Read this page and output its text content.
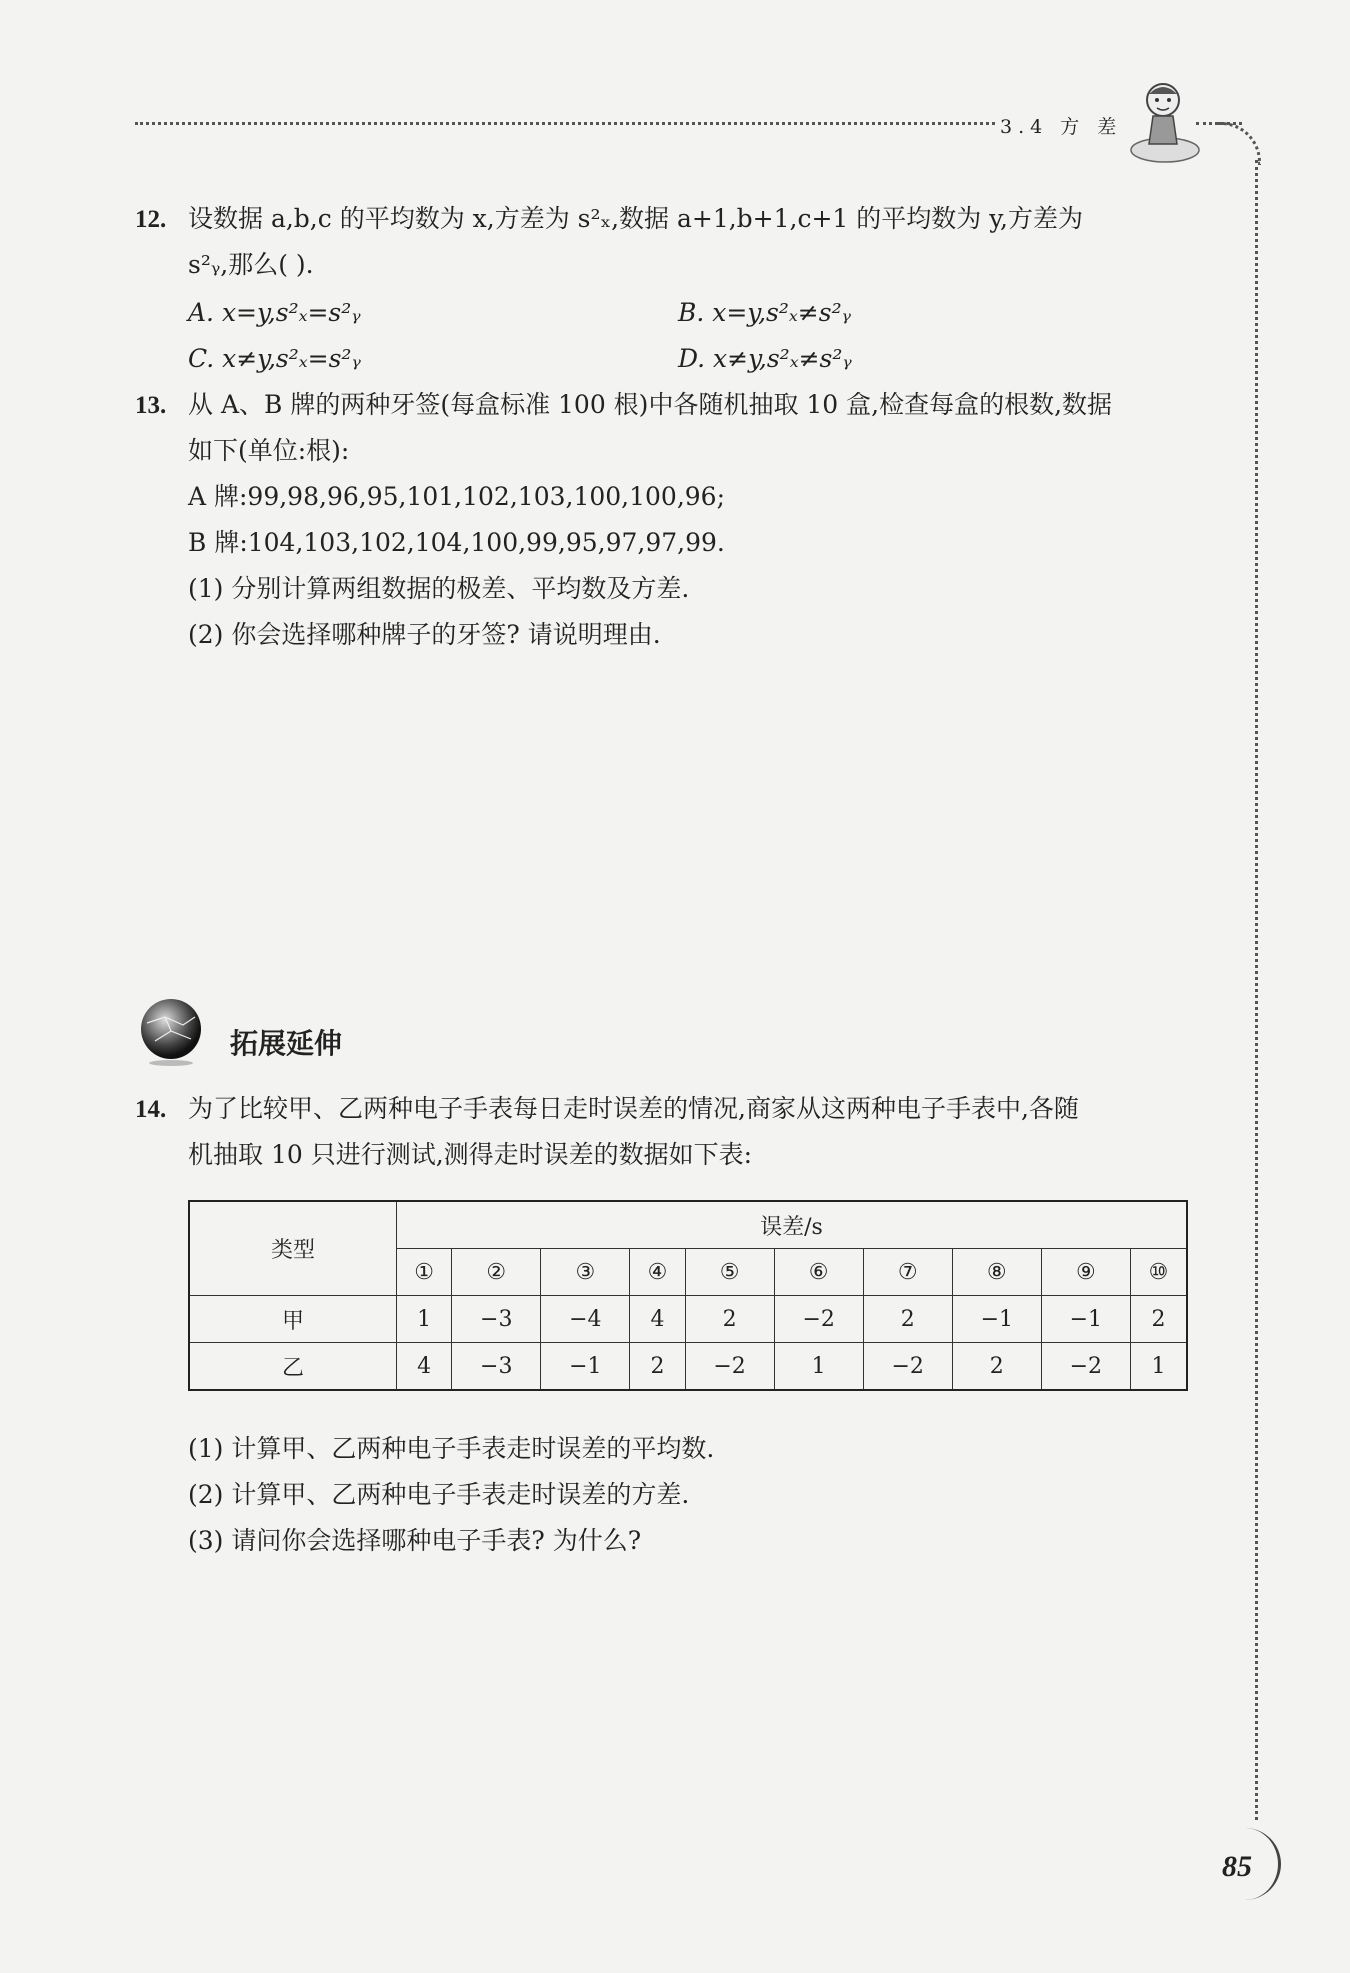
3.4 方 差
12. 设数据 a,b,c 的平均数为 x,方差为 s²ₓ,数据 a+1,b+1,c+1 的平均数为 y,方差为
s²ᵧ,那么( ).
A. x=y,s²ₓ=s²ᵧ	B. x=y,s²ₓ≠s²ᵧ
C. x≠y,s²ₓ=s²ᵧ	D. x≠y,s²ₓ≠s²ᵧ
13. 从 A、B 牌的两种牙签(每盒标准 100 根)中各随机抽取 10 盒,检查每盒的根数,数据
如下(单位:根):
A 牌:99,98,96,95,101,102,103,100,100,96;
B 牌:104,103,102,104,100,99,95,97,97,99.
(1) 分别计算两组数据的极差、平均数及方差.
(2) 你会选择哪种牌子的牙签? 请说明理由.
拓展延伸
14. 为了比较甲、乙两种电子手表每日走时误差的情况,商家从这两种电子手表中,各随
机抽取 10 只进行测试,测得走时误差的数据如下表:
类型	误差/s									
	①	②	③	④	⑤	⑥	⑦	⑧	⑨	⑩
甲	1	−3	−4	4	2	−2	2	−1	−1	2
乙	4	−3	−1	2	−2	1	−2	2	−2	1
(1) 计算甲、乙两种电子手表走时误差的平均数.
(2) 计算甲、乙两种电子手表走时误差的方差.
(3) 请问你会选择哪种电子手表? 为什么?
85
